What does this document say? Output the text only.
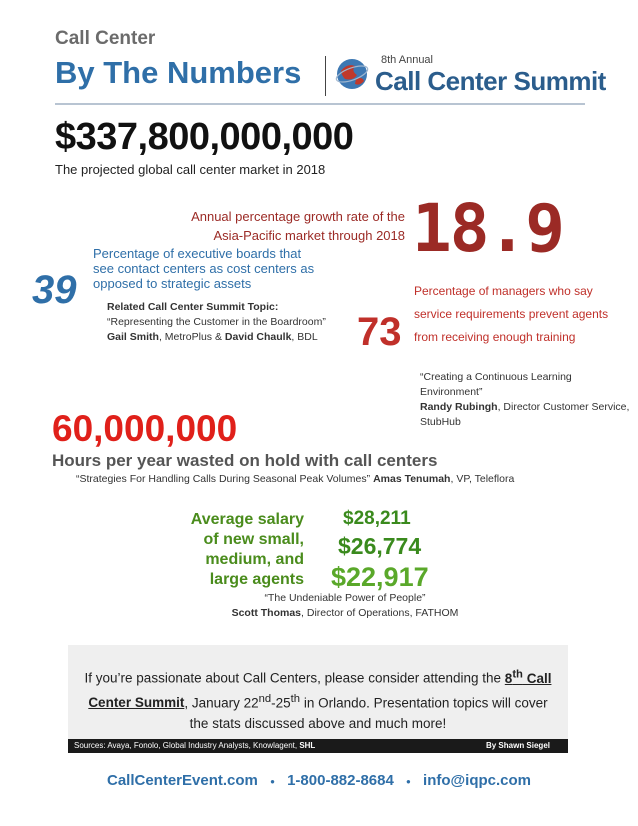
Call Center
By The Numbers	8th Annual
Call Center Summit
$337,800,000,000
The projected global call center market in 2018
Annual percentage growth rate of the
Asia-Pacific market through 2018 18.9
39
Percentage of executive boards that see contact centers as cost centers as opposed to strategic assets
Related Call Center Summit Topic:
“Representing the Customer in the Boardroom”
Gail Smith, MetroPlus & David Chaulk, BDL 73
Percentage of managers who say service requirements prevent agents from receiving enough training
“Creating a Continuous Learning Environment”
Randy Rubingh, Director Customer Service, StubHub
60,000,000
Hours per year wasted on hold with call centers
“Strategies For Handling Calls During Seasonal Peak Volumes” Amas Tenumah, VP, Teleflora
Average salary
of new small,
medium, and
large agents
$28,211
$26,774
$22,917
“The Undeniable Power of People”
Scott Thomas, Director of Operations, FATHOM
If you’re passionate about Call Centers, please consider attending the 8th Call Center Summit, January 22nd-25th in Orlando. Presentation topics will cover the stats discussed above and much more!
Sources: Avaya, Fonolo, Global Industry Analysts, Knowlagent, SHL	By Shawn Siegel
CallCenterEvent.com ● 1-800-882-8684 ● info@iqpc.com
